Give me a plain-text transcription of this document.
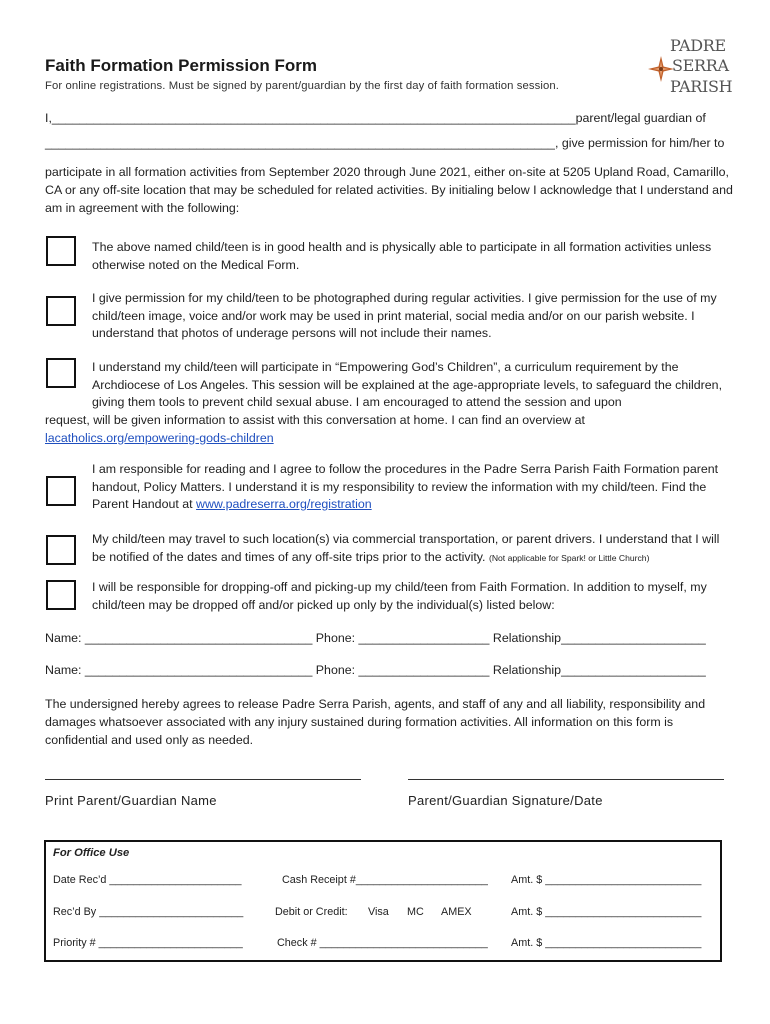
Faith Formation Permission Form
For online registrations. Must be signed by parent/guardian by the first day of faith formation session.
PADRE
SERRA
PARISH
I,____________________________________________________________________________parent/legal guardian of
__________________________________________________________________________, give permission for him/her to
participate in all formation activities from September 2020 through June 2021, either on-site at 5205 Upland Road, Camarillo, CA or any off-site location that may be scheduled for related activities. By initialing below I acknowledge that I understand and am in agreement with the following:
The above named child/teen is in good health and is physically able to participate in all formation activities unless otherwise noted on the Medical Form.
I give permission for my child/teen to be photographed during regular activities. I give permission for the use of my child/teen image, voice and/or work may be used in print material, social media and/or on our parish website. I understand that photos of underage persons will not include their names.
I understand my child/teen will participate in “Empowering God’s Children”, a curriculum requirement by the Archdiocese of Los Angeles. This session will be explained at the age-appropriate levels, to safeguard the children, giving them tools to prevent child sexual abuse. I am encouraged to attend the session and upon
request, will be given information to assist with this conversation at home. I can find an overview at
lacatholics.org/empowering-gods-children
I am responsible for reading and I agree to follow the procedures in the Padre Serra Parish Faith Formation parent handout, Policy Matters. I understand it is my responsibility to review the information with my child/teen. Find the Parent Handout at www.padreserra.org/registration
My child/teen may travel to such location(s) via commercial transportation, or parent drivers. I understand that I will be notified of the dates and times of any off-site trips prior to the activity. (Not applicable for Spark! or Little Church)
I will be responsible for dropping-off and picking-up my child/teen from Faith Formation. In addition to myself, my child/teen may be dropped off and/or picked up only by the individual(s) listed below:
Name: _________________________________ Phone: ___________________ Relationship_____________________
Name: _________________________________ Phone: ___________________ Relationship_____________________
The undersigned hereby agrees to release Padre Serra Parish, agents, and staff of any and all liability, responsibility and damages whatsoever associated with any injury sustained during formation activities. All information on this form is confidential and used only as needed.
Print Parent/Guardian Name	Parent/Guardian Signature/Date
For Office Use
Date Rec’d ______________________	Cash Receipt #______________________ Amt. $ __________________________
Rec’d By ________________________	Debit or Credit: Visa MC AMEX	Amt. $ __________________________
Priority # ________________________	Check # ____________________________ Amt. $ __________________________
